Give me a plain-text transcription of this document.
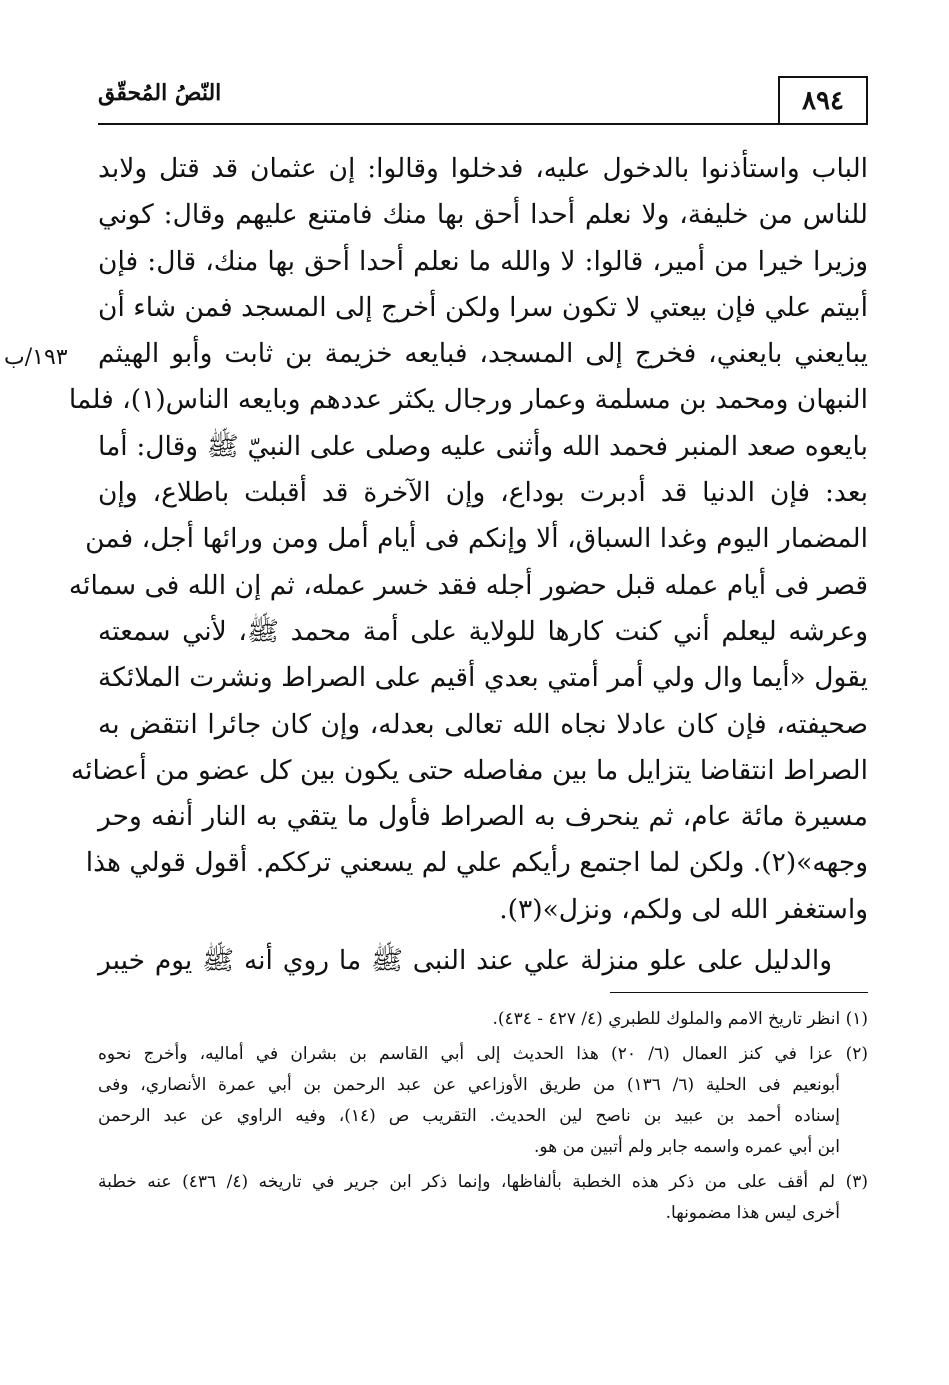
٨٩٤
النّصُ المُحقّق
١٩٣/ب
الباب واستأذنوا بالدخول عليه، فدخلوا وقالوا: إن عثمان قد قتل ولابد
للناس من خليفة، ولا نعلم أحدا أحق بها منك فامتنع عليهم وقال: كوني
وزيرا خيرا من أمير، قالوا: لا والله ما نعلم أحدا أحق بها منك، قال: فإن
أبيتم علي فإن بيعتي لا تكون سرا ولكن أخرج إلى المسجد فمن شاء أن
يبايعني بايعني، فخرج إلى المسجد، فبايعه خزيمة بن ثابت وأبو الهيثم
النبهان ومحمد بن مسلمة وعمار ورجال يكثر عددهم وبايعه الناس(١)، فلما
بايعوه صعد المنبر فحمد الله وأثنى عليه وصلى على النبيّ ﷺ وقال: أما
بعد: فإن الدنيا قد أدبرت بوداع، وإن الآخرة قد أقبلت باطلاع، وإن
المضمار اليوم وغدا السباق، ألا وإنكم فى أيام أمل ومن ورائها أجل، فمن
قصر فى أيام عمله قبل حضور أجله فقد خسر عمله، ثم إن الله فى سمائه
وعرشه ليعلم أني كنت كارها للولاية على أمة محمد ﷺ، لأني سمعته
يقول «أيما وال ولي أمر أمتي بعدي أقيم على الصراط ونشرت الملائكة
صحيفته، فإن كان عادلا نجاه الله تعالى بعدله، وإن كان جائرا انتقض به
الصراط انتقاضا يتزايل ما بين مفاصله حتى يكون بين كل عضو من أعضائه
مسيرة مائة عام، ثم ينحرف به الصراط فأول ما يتقي به النار أنفه وحر
وجهه»(٢). ولكن لما اجتمع رأيكم علي لم يسعني ترككم. أقول قولي هذا
واستغفر الله لى ولكم، ونزل»(٣).
والدليل على علو منزلة علي عند النبى ﷺ ما روي أنه ﷺ يوم خيبر
(١) انظر تاريخ الامم والملوك للطبري (٤/ ٤٢٧ - ٤٣٤).
(٢) عزا في كنز العمال (٦/ ٢٠) هذا الحديث إلى أبي القاسم بن بشران في أماليه، وأخرج نحوه
أبونعيم فى الحلية (٦/ ١٣٦) من طريق الأوزاعي عن عبد الرحمن بن أبي عمرة الأنصاري، وفى
إسناده أحمد بن عبيد بن ناصح لين الحديث. التقريب ص (١٤)، وفيه الراوي عن عبد الرحمن
ابن أبي عمره واسمه جابر ولم أتبين من هو.
(٣) لم أقف على من ذكر هذه الخطبة بألفاظها، وإنما ذكر ابن جرير في تاريخه (٤/ ٤٣٦) عنه خطبة
أخرى ليس هذا مضمونها.
